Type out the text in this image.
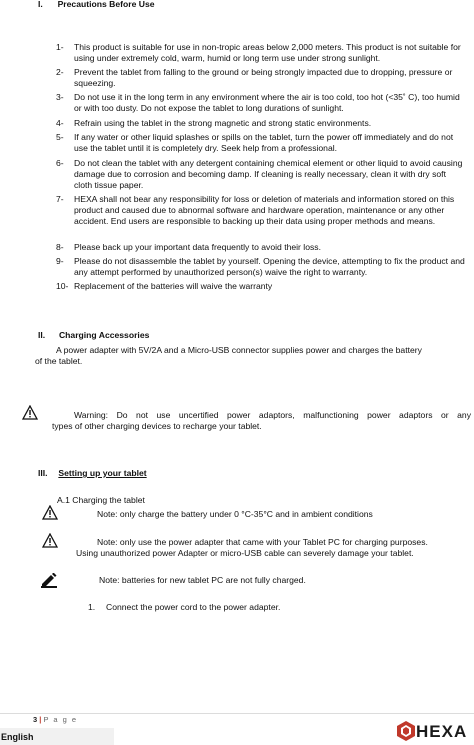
I. Precautions Before Use
1- This product is suitable for use in non-tropic areas below 2,000 meters. This product is not suitable for using under extremely cold, warm, humid or long term use under strong sunlight.
2- Prevent the tablet from falling to the ground or being strongly impacted due to dropping, pressure or squeezing.
3- Do not use it in the long term in any environment where the air is too cold, too hot (<35˚ C), too humid or with too dusty. Do not expose the tablet to long durations of sunlight.
4- Refrain using the tablet in the strong magnetic and strong static environments.
5- If any water or other liquid splashes or spills on the tablet, turn the power off immediately and do not use the tablet until it is completely dry. Seek help from a professional.
6- Do not clean the tablet with any detergent containing chemical element or other liquid to avoid causing damage due to corrosion and becoming damp. If cleaning is really necessary, clean it with dry soft cloth tissue paper.
7- HEXA shall not bear any responsibility for loss or deletion of materials and information stored on this product and caused due to abnormal software and hardware operation, maintenance or any other accident. End users are responsible to backing up their data using proper methods and means.
8- Please back up your important data frequently to avoid their loss.
9- Please do not disassemble the tablet by yourself. Opening the device, attempting to fix the product and any attempt performed by unauthorized person(s) waive the right to warranty.
10- Replacement of the batteries will waive the warranty
II. Charging Accessories
A power adapter with 5V/2A and a Micro-USB connector supplies power and charges the battery
of the tablet.
Warning: Do not use uncertified power adaptors, malfunctioning power adaptors or any
types of other charging devices to recharge your tablet.
III. Setting up your tablet
A.1 Charging the tablet
Note: only charge the battery under 0 °C-35°C and in ambient conditions
Note: only use the power adapter that came with your Tablet PC for charging purposes.
Using unauthorized power Adapter or micro-USB cable can severely damage your tablet.
Note: batteries for new tablet PC are not fully charged.
1. Connect the power cord to the power adapter.
3 | P a g e
English	HEXA
